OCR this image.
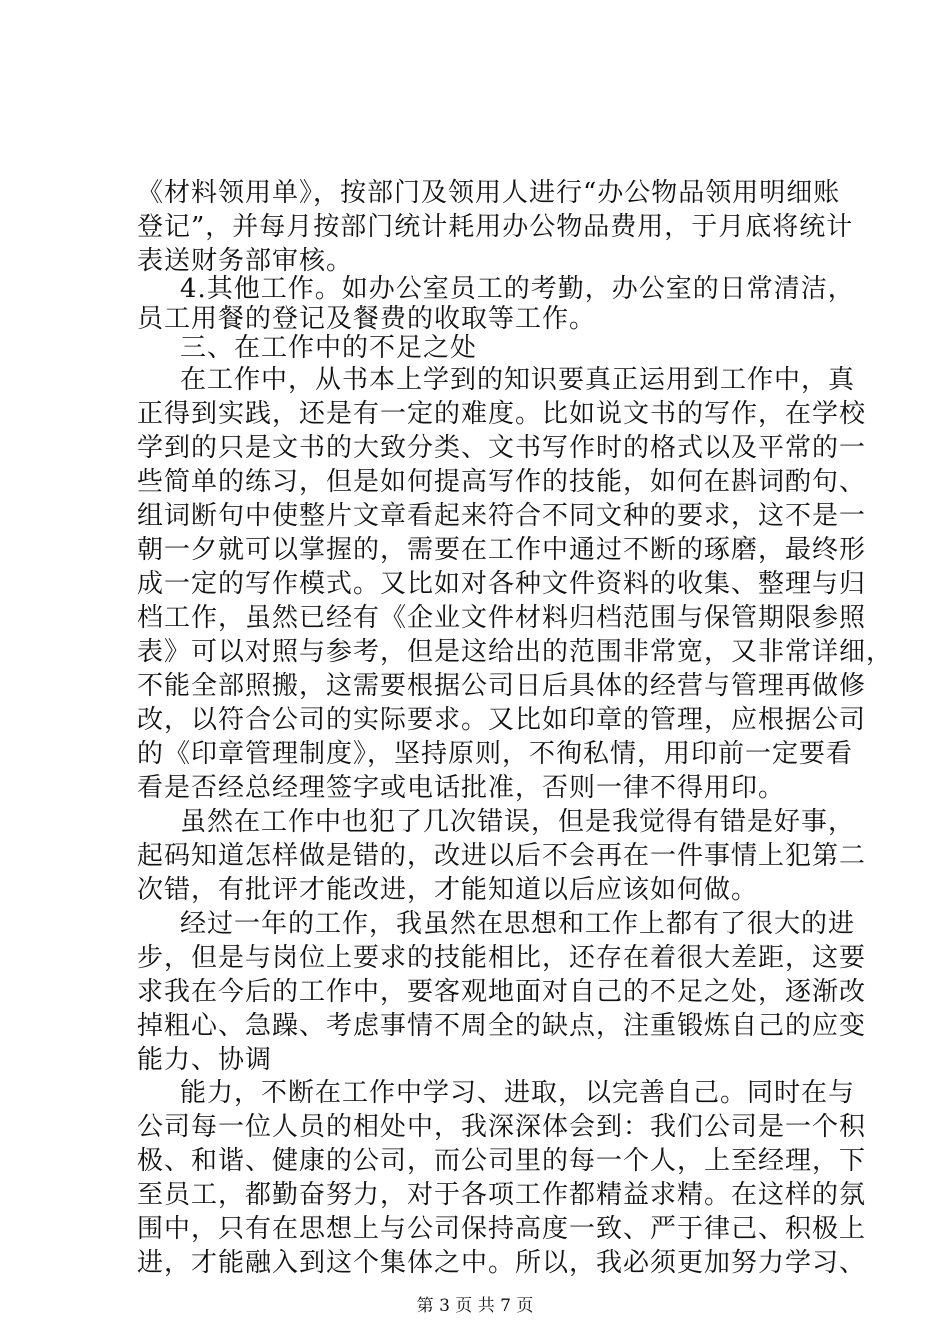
《材料领用单》，按部门及领用人进行“办公物品领用明细账
登记”，并每月按部门统计耗用办公物品费用，于月底将统计
表送财务部审核。
4.其他工作。如办公室员工的考勤，办公室的日常清洁，
员工用餐的登记及餐费的收取等工作。
三、在工作中的不足之处
在工作中，从书本上学到的知识要真正运用到工作中，真
正得到实践，还是有一定的难度。比如说文书的写作，在学校
学到的只是文书的大致分类、文书写作时的格式以及平常的一
些简单的练习，但是如何提高写作的技能，如何在斟词酌句、
组词断句中使整片文章看起来符合不同文种的要求，这不是一
朝一夕就可以掌握的，需要在工作中通过不断的琢磨，最终形
成一定的写作模式。又比如对各种文件资料的收集、整理与归
档工作，虽然已经有《企业文件材料归档范围与保管期限参照
表》可以对照与参考，但是这给出的范围非常宽，又非常详细，
不能全部照搬，这需要根据公司日后具体的经营与管理再做修
改，以符合公司的实际要求。又比如印章的管理，应根据公司
的《印章管理制度》，坚持原则，不徇私情，用印前一定要看
看是否经总经理签字或电话批准，否则一律不得用印。
虽然在工作中也犯了几次错误，但是我觉得有错是好事，
起码知道怎样做是错的，改进以后不会再在一件事情上犯第二
次错，有批评才能改进，才能知道以后应该如何做。
经过一年的工作，我虽然在思想和工作上都有了很大的进
步，但是与岗位上要求的技能相比，还存在着很大差距，这要
求我在今后的工作中，要客观地面对自己的不足之处，逐渐改
掉粗心、急躁、考虑事情不周全的缺点，注重锻炼自己的应变
能力、协调
能力，不断在工作中学习、进取，以完善自己。同时在与
公司每一位人员的相处中，我深深体会到：我们公司是一个积
极、和谐、健康的公司，而公司里的每一个人，上至经理，下
至员工，都勤奋努力，对于各项工作都精益求精。在这样的氛
围中，只有在思想上与公司保持高度一致、严于律己、积极上
进，才能融入到这个集体之中。所以，我必须更加努力学习、
第 3 页 共 7 页
